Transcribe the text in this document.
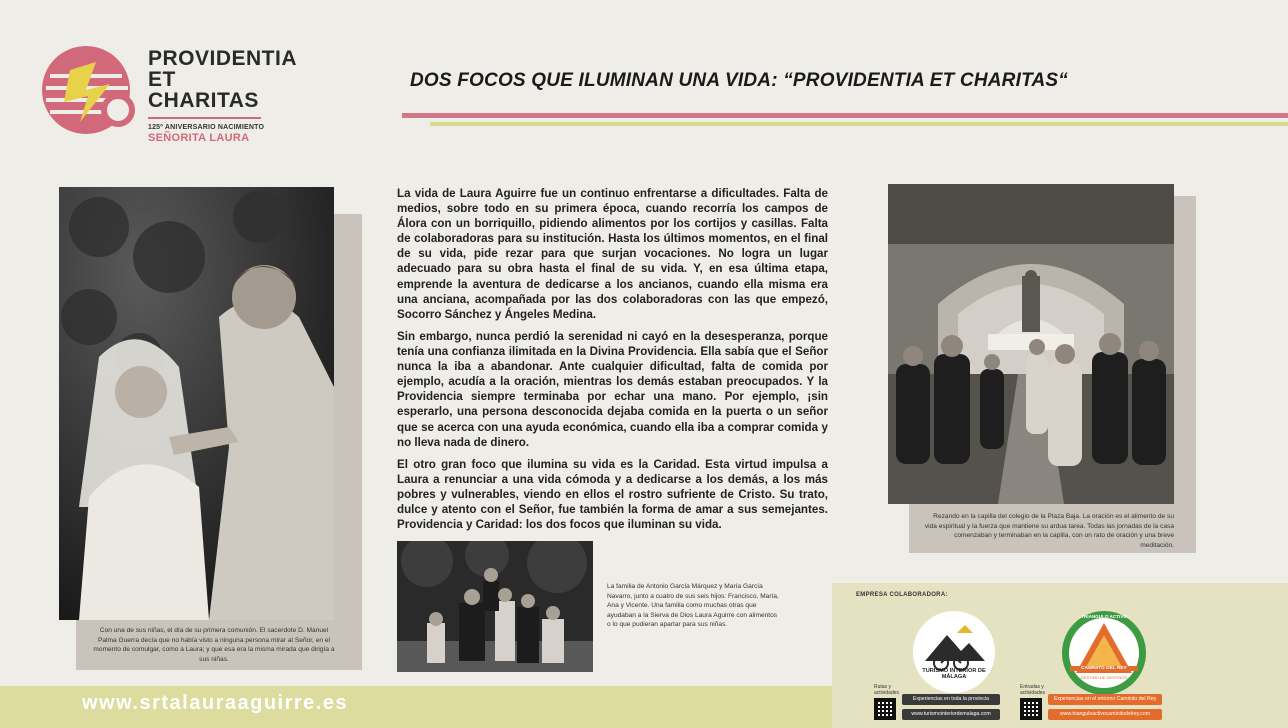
PROVIDENTIA
ET
CHARITAS
125º ANIVERSARIO NACIMIENTO
SEÑORITA LAURA
DOS FOCOS QUE ILUMINAN UNA VIDA: “PROVIDENTIA ET CHARITAS“
Con una de sus niñas, el día de su primera comunión. El sacerdote D. Manuel Palma Guerra decía que no había visto a ninguna persona mirar al Señor, en el momento de comulgar, como a Laura; y que esa era la misma mirada que dirigía a sus niñas.
La vida de Laura Aguirre fue un continuo enfrentarse a dificultades. Falta de medios, sobre todo en su primera época, cuando recorría los campos de Álora con un borriquillo, pidiendo alimentos por los cortijos y casillas. Falta de colaboradoras para su institución. Hasta los últimos momentos, en el final de su vida, pide rezar para que surjan vocaciones. No logra un lugar adecuado para su obra hasta el final de su vida. Y, en esa última etapa, emprende la aventura de dedicarse a los ancianos, cuando ella misma era una anciana, acompañada por las dos colaboradoras con las que empezó, Socorro Sánchez y Ángeles Medina.
Sin embargo, nunca perdió la serenidad ni cayó en la desesperanza, porque tenía una confianza ilimitada en la Divina Providencia. Ella sabía que el Señor nunca la iba a abandonar. Ante cualquier dificultad, falta de comida por ejemplo, acudía a la oración, mientras los demás estaban preocupados. Y la Providencia siempre terminaba por echar una mano. Por ejemplo, ¡sin esperarlo, una persona desconocida dejaba comida en la puerta o un señor que se acerca con una ayuda económica, cuando ella iba a comprar comida y no lleva nada de dinero.
El otro gran foco que ilumina su vida es la Caridad. Esta virtud impulsa a Laura a renunciar a una vida cómoda y a dedicarse a los demás, a los más pobres y vulnerables, viendo en ellos el rostro sufriente de Cristo. Su trato, dulce y atento con el Señor, fue también la forma de amar a sus semejantes. Providencia y Caridad: los dos focos que iluminan su vida.
La familia de Antonio García Márquez y María García Navarro, junto a cuatro de sus seis hijos: Francisco, María, Ana y Vicente. Una familia como muchas otras que ayudaban a la Sierva de Dios Laura Aguirre con alimentos o lo que pudieran apartar para sus niñas.
Rezando en la capilla del colegio de la Plaza Baja. La oración es el alimento de su vida espiritual y la fuerza que mantiene su ardua tarea. Todas las jornadas de la casa comenzaban y terminaban en la capilla, con un rato de oración y una breve meditación.
www.srtalauraaguirre.es
EMPRESA COLABORADORA:
TURISMO INTERIOR DE MÁLAGA
Rutas y actividades
Experiencias en toda la provincia
www.turismointeriordemalaga.com
TRIÁNGULO ACTIVO
CAMINITO DEL REY
DESTINO DE DESTINOS
Entradas y actividades
Experiencias en el entorno Caminito del Rey
www.trianguloactivocaminitodelrey.com
